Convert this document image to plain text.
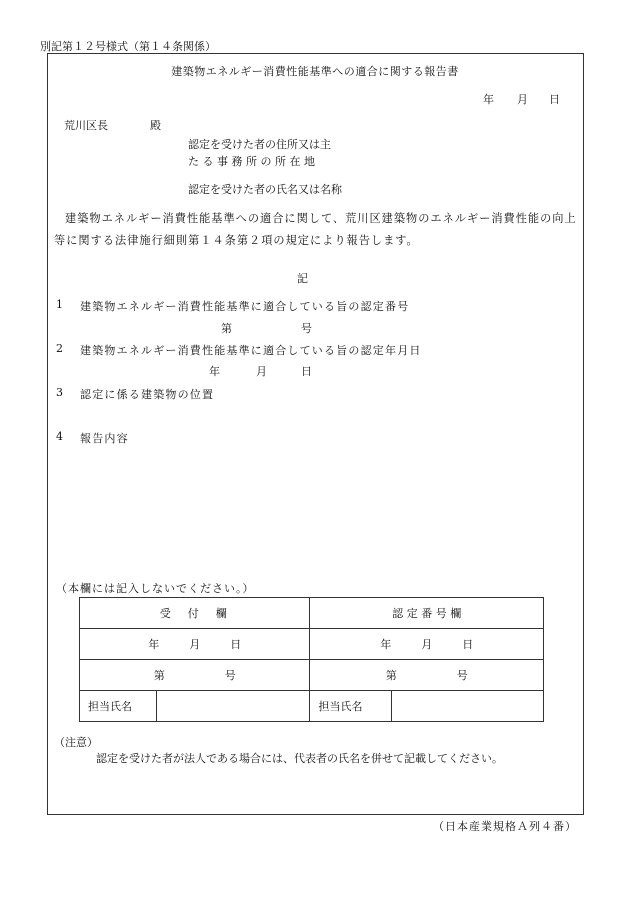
別記第１２号様式（第１４条関係）
建築物エネルギー消費性能基準への適合に関する報告書
年 月 日
荒川区長	殿
認定を受けた者の住所又は主
た る 事 務 所 の 所 在 地
認定を受けた者の氏名又は名称
建築物エネルギー消費性能基準への適合に関して、荒川区建築物のエネルギー消費性能の向上等に関する法律施行細則第１４条第２項の規定により報告します。
記
1 建築物エネルギー消費性能基準に適合している旨の認定番号
第	号
2 建築物エネルギー消費性能基準に適合している旨の認定年月日
年	月	日
3 認定に係る建築物の位置
4 報告内容
（本欄には記入しないでください。）
受　付　欄		認 定 番 号 欄	
年 月 日		年 月 日	
第 号		第 号	
担当氏名		担当氏名	
（注意）
認定を受けた者が法人である場合には、代表者の氏名を併せて記載してください。
（日本産業規格Ａ列４番）
